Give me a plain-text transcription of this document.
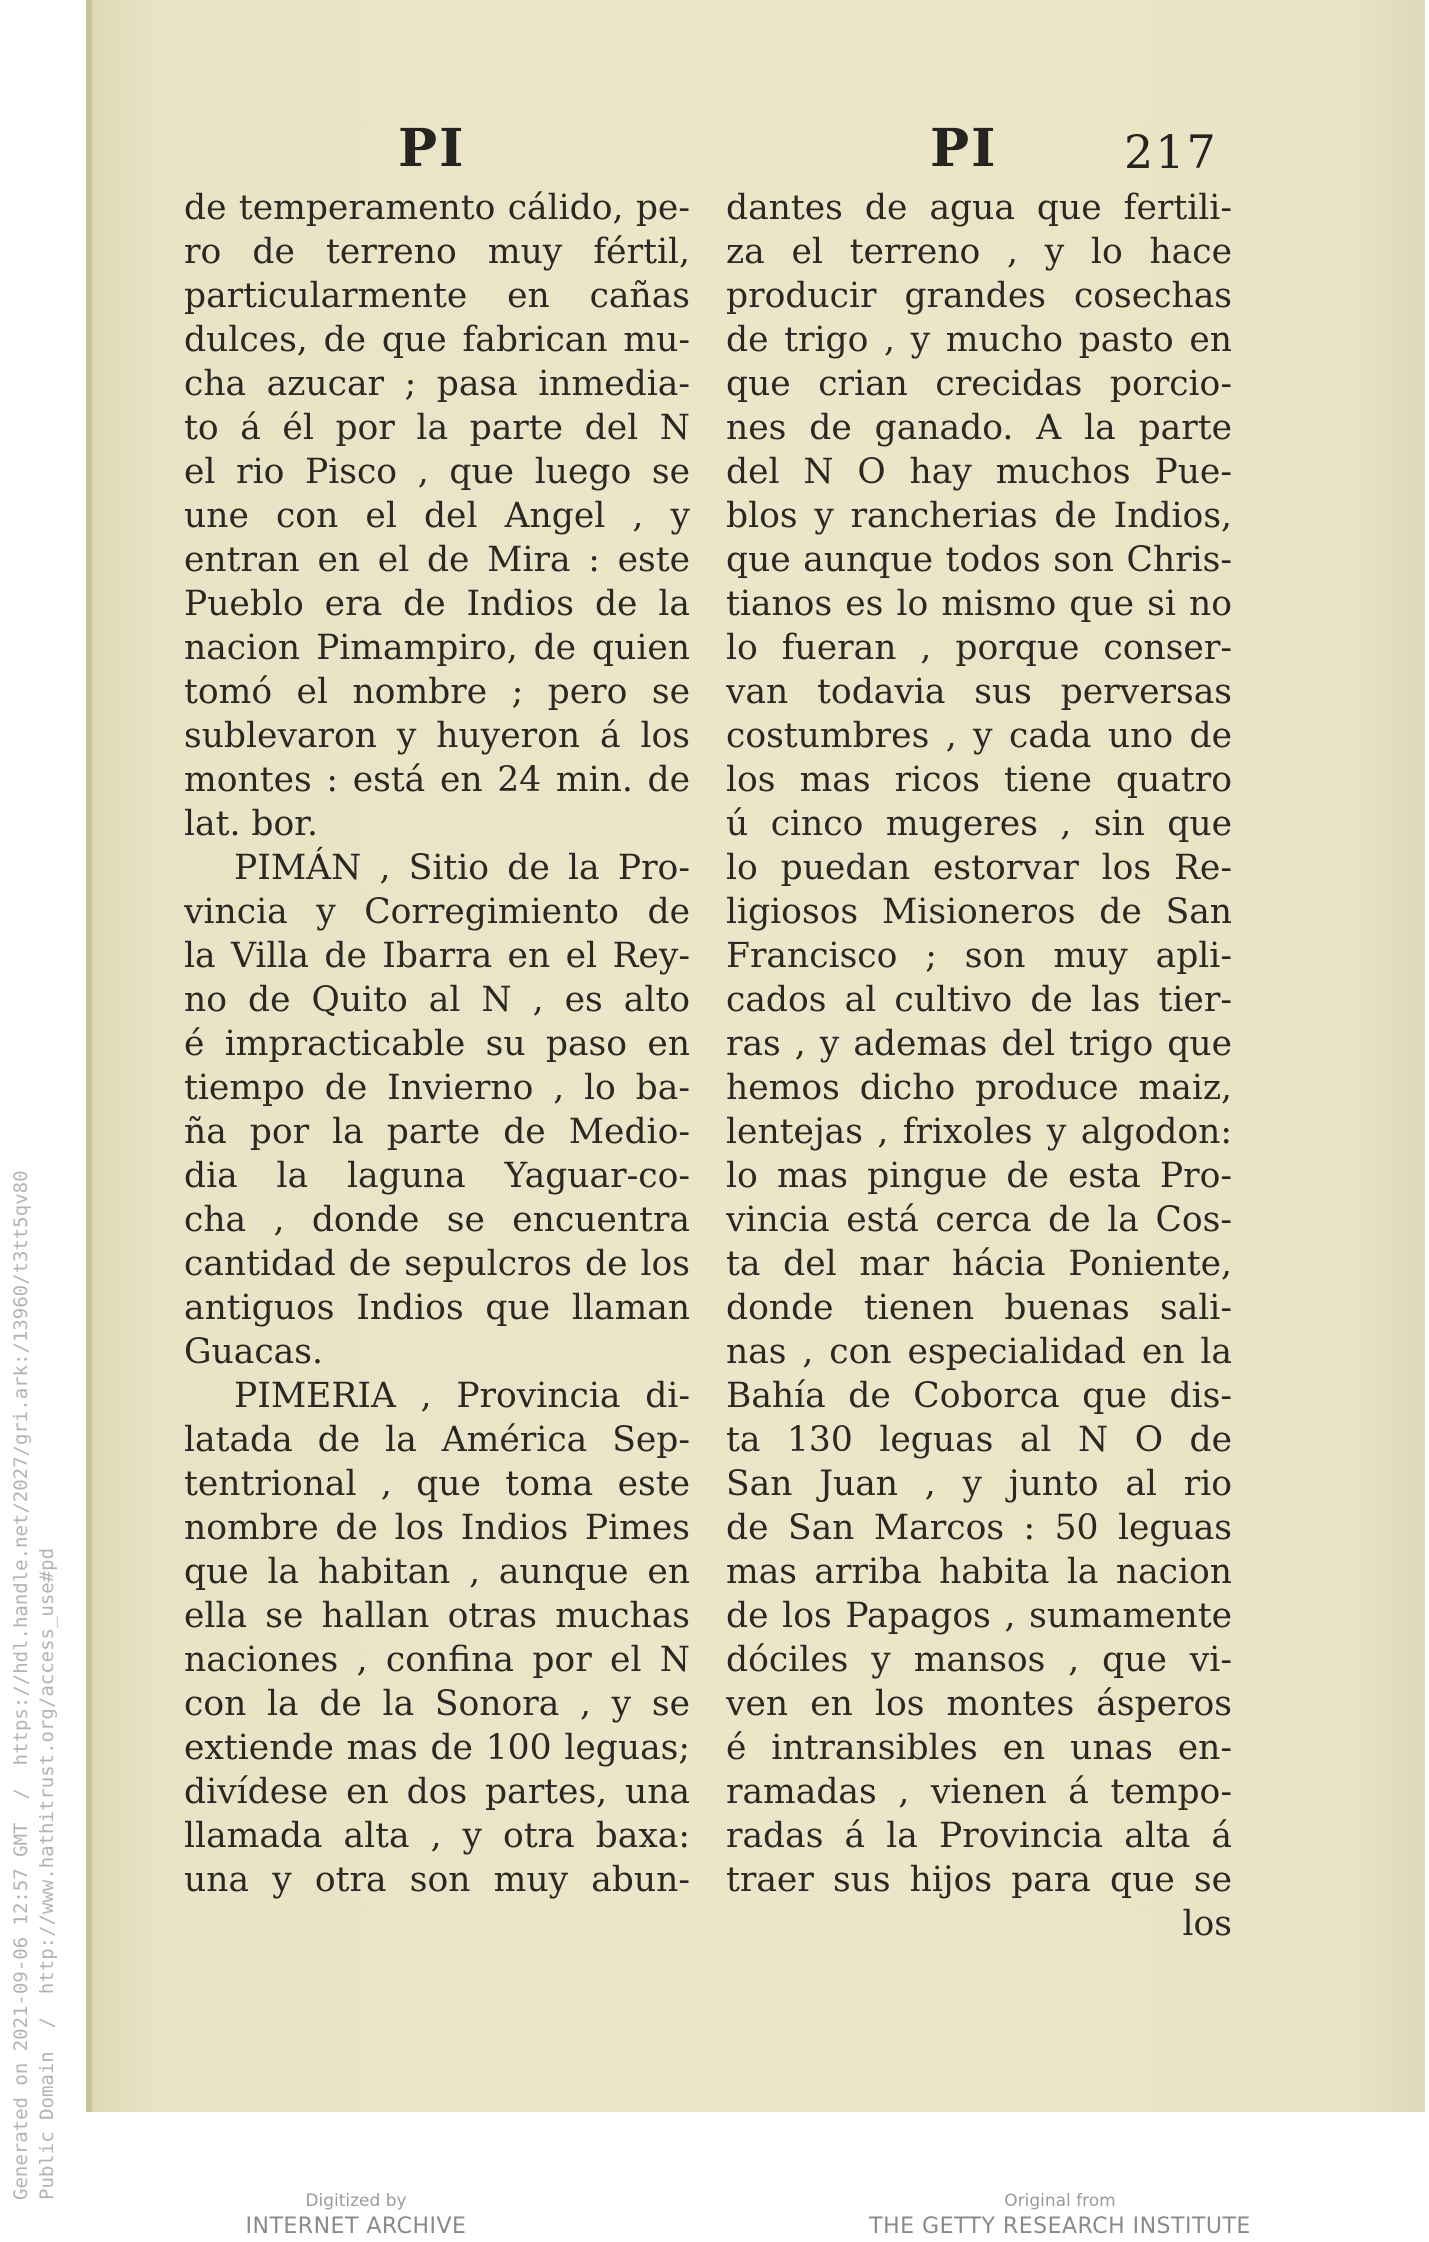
Generated on 2021-09-06 12:57 GMT  /  https://hdl.handle.net/2027/gri.ark:/13960/t3tt5qv80 Public Domain  /  http://www.hathitrust.org/access_use#pd
PI	PI	217
de temperamento cálido, pe-
ro de terreno muy fértil,
particularmente en cañas
dulces, de que fabrican mu-
cha azucar ; pasa inmedia-
to á él por la parte del N
el rio Pisco , que luego se
une con el del Angel , y
entran en el de Mira : este
Pueblo era de Indios de la
nacion Pimampiro, de quien
tomó el nombre ; pero se
sublevaron y huyeron á los
montes : está en 24 min. de
lat. bor.
PIMÁN , Sitio de la Pro-
vincia y Corregimiento de
la Villa de Ibarra en el Rey-
no de Quito al N , es alto
é impracticable su paso en
tiempo de Invierno , lo ba-
ña por la parte de Medio-
dia la laguna Yaguar-co-
cha , donde se encuentra
cantidad de sepulcros de los
antiguos Indios que llaman
Guacas.
PIMERIA , Provincia di-
latada de la América Sep-
tentrional , que toma este
nombre de los Indios Pimes
que la habitan , aunque en
ella se hallan otras muchas
naciones , confina por el N
con la de la Sonora , y se
extiende mas de 100 leguas;
divídese en dos partes, una
llamada alta , y otra baxa:
una y otra son muy abun-
dantes de agua que fertili-
za el terreno , y lo hace
producir grandes cosechas
de trigo , y mucho pasto en
que crian crecidas porcio-
nes de ganado. A la parte
del N O hay muchos Pue-
blos y rancherias de Indios,
que aunque todos son Chris-
tianos es lo mismo que si no
lo fueran , porque conser-
van todavia sus perversas
costumbres , y cada uno de
los mas ricos tiene quatro
ú cinco mugeres , sin que
lo puedan estorvar los Re-
ligiosos Misioneros de San
Francisco ; son muy apli-
cados al cultivo de las tier-
ras , y ademas del trigo que
hemos dicho produce maiz,
lentejas , frixoles y algodon:
lo mas pingue de esta Pro-
vincia está cerca de la Cos-
ta del mar hácia Poniente,
donde tienen buenas sali-
nas , con especialidad en la
Bahía de Coborca que dis-
ta 130 leguas al N O de
San Juan , y junto al rio
de San Marcos : 50 leguas
mas arriba habita la nacion
de los Papagos , sumamente
dóciles y mansos , que vi-
ven en los montes ásperos
é intransibles en unas en-
ramadas , vienen á tempo-
radas á la Provincia alta á
traer sus hijos para que se
los
Digitized by
INTERNET ARCHIVE
Original from
THE GETTY RESEARCH INSTITUTE
